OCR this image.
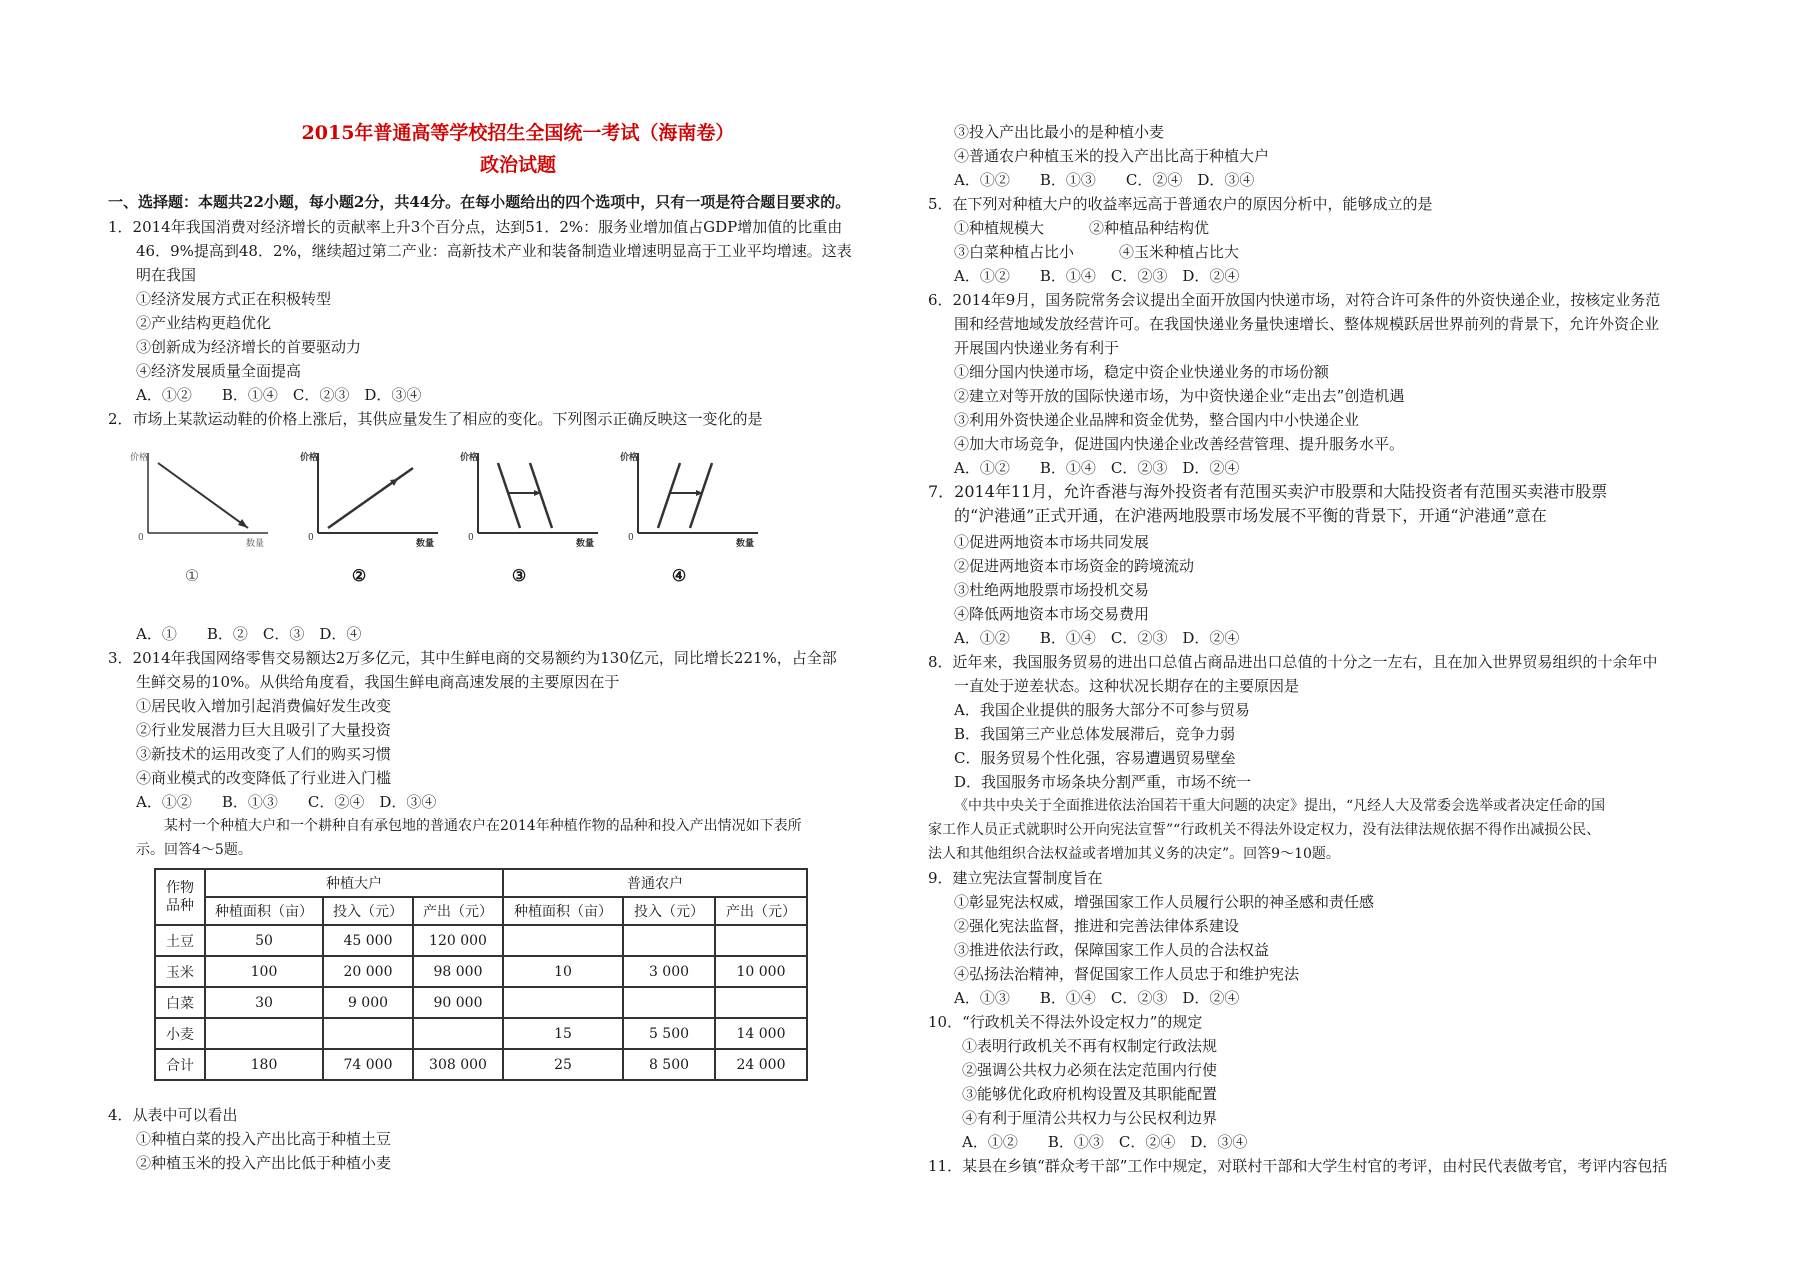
2015年普通高等学校招生全国统一考试（海南卷）
政治试题
一、选择题：本题共22小题，每小题2分，共44分。在每小题给出的四个选项中，只有一项是符合题目要求的。
1．2014年我国消费对经济增长的贡献率上升3个百分点，达到51．2%：服务业增加值占GDP增加值的比重由
46．9%提高到48．2%，继续超过第二产业：高新技术产业和装备制造业增速明显高于工业平均增速。这表
明在我国
①经济发展方式正在积极转型
②产业结构更趋优化
③创新成为经济增长的首要驱动力
④经济发展质量全面提高
A．①②　　B．①④　C．②③　D．③④
2．市场上某款运动鞋的价格上涨后，其供应量发生了相应的变化。下列图示正确反映这一变化的是
价格
0
数量
价格
0
数量
价格
0
数量
价格
0
数量
①	②	③	④
A．①　　B．②　C．③　D．④
3．2014年我国网络零售交易额达2万多亿元，其中生鲜电商的交易额约为130亿元，同比增长221%，占全部
生鲜交易的10%。从供给角度看，我国生鲜电商高速发展的主要原因在于
①居民收入增加引起消费偏好发生改变
②行业发展潜力巨大且吸引了大量投资
③新技术的运用改变了人们的购买习惯
④商业模式的改变降低了行业进入门槛
A．①②　　B．①③　　C．②④　D．③④
某村一个种植大户和一个耕种自有承包地的普通农户在2014年种植作物的品种和投入产出情况如下表所
示。回答4～5题。
作物
品种	种植大户			普通农户		
	种植面积（亩）	投入（元）	产出（元）	种植面积（亩）	投入（元）	产出（元）
土豆	50	45 000	120 000			
玉米	100	20 000	98 000	10	3 000	10 000
白菜	30	9 000	90 000			
小麦				15	5 500	14 000
合计	180	74 000	308 000	25	8 500	24 000
4．从表中可以看出
①种植白菜的投入产出比高于种植土豆
②种植玉米的投入产出比低于种植小麦
③投入产出比最小的是种植小麦
④普通农户种植玉米的投入产出比高于种植大户
A．①②　　B．①③　　C．②④　D．③④
5．在下列对种植大户的收益率远高于普通农户的原因分析中，能够成立的是
①种植规模大　　　②种植品种结构优
③白菜种植占比小　　　④玉米种植占比大
A．①②　　B．①④　C．②③　D．②④
6．2014年9月，国务院常务会议提出全面开放国内快递市场，对符合许可条件的外资快递企业，按核定业务范
围和经营地域发放经营许可。在我国快递业务量快速增长、整体规模跃居世界前列的背景下，允许外资企业
开展国内快递业务有利于
①细分国内快递市场，稳定中资企业快递业务的市场份额
②建立对等开放的国际快递市场，为中资快递企业“走出去”创造机遇
③利用外资快递企业品牌和资金优势，整合国内中小快递企业
④加大市场竞争，促进国内快递企业改善经营管理、提升服务水平。
A．①②　　B．①④　C．②③　D．②④
7．2014年11月，允许香港与海外投资者有范围买卖沪市股票和大陆投资者有范围买卖港市股票
的“沪港通”正式开通，在沪港两地股票市场发展不平衡的背景下，开通“沪港通”意在
①促进两地资本市场共同发展
②促进两地资本市场资金的跨境流动
③杜绝两地股票市场投机交易
④降低两地资本市场交易费用
A．①②　　B．①④　C．②③　D．②④
8．近年来，我国服务贸易的进出口总值占商品进出口总值的十分之一左右，且在加入世界贸易组织的十余年中
一直处于逆差状态。这种状况长期存在的主要原因是
A．我国企业提供的服务大部分不可参与贸易
B．我国第三产业总体发展滞后，竞争力弱
C．服务贸易个性化强，容易遭遇贸易壁垒
D．我国服务市场条块分割严重，市场不统一
《中共中央关于全面推进依法治国若干重大问题的决定》提出，“凡经人大及常委会选举或者决定任命的国
家工作人员正式就职时公开向宪法宣誓”“行政机关不得法外设定权力，没有法律法规依据不得作出减损公民、
法人和其他组织合法权益或者增加其义务的决定”。回答9～10题。
9．建立宪法宣誓制度旨在
①彰显宪法权威，增强国家工作人员履行公职的神圣感和责任感
②强化宪法监督，推进和完善法律体系建设
③推进依法行政，保障国家工作人员的合法权益
④弘扬法治精神，督促国家工作人员忠于和维护宪法
A．①③　　B．①④　C．②③　D．②④
10．“行政机关不得法外设定权力”的规定
①表明行政机关不再有权制定行政法规
②强调公共权力必须在法定范围内行使
③能够优化政府机构设置及其职能配置
④有利于厘清公共权力与公民权利边界
A．①②　　B．①③　C．②④　D．③④
11．某县在乡镇“群众考干部”工作中规定，对联村干部和大学生村官的考评，由村民代表做考官，考评内容包括
